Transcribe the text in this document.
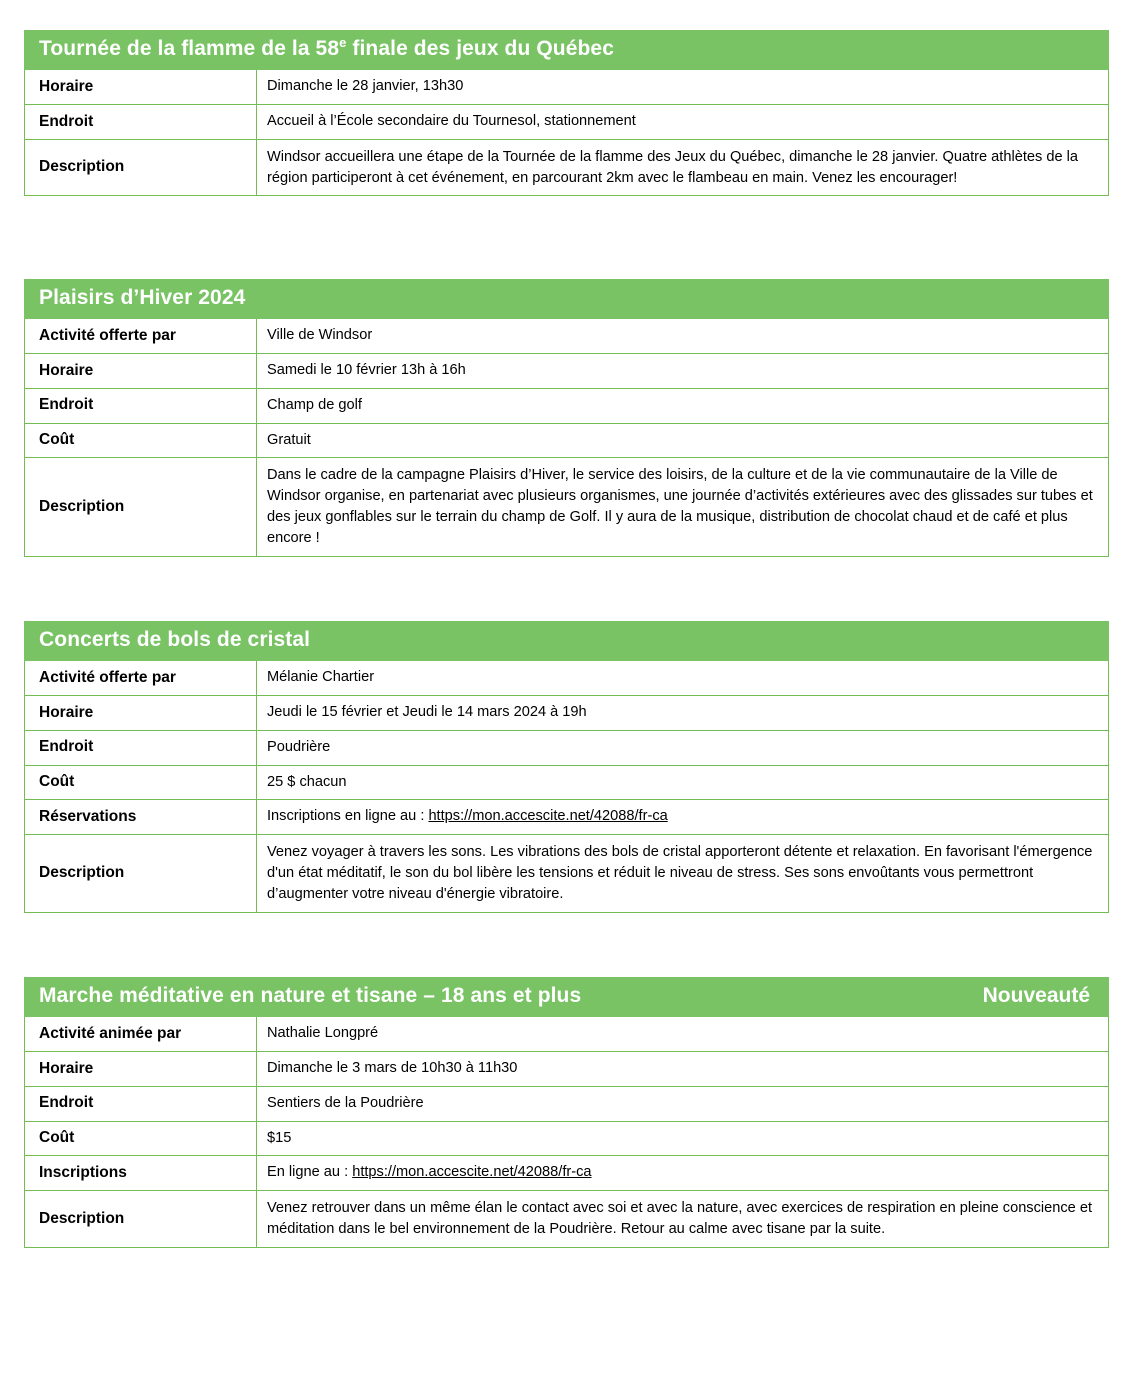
Tournée de la flamme de la 58e finale des jeux du Québec	

Horaire	Dimanche le 28 janvier, 13h30
Endroit	Accueil à l’École secondaire du Tournesol, stationnement
Description	Windsor accueillera une étape de la Tournée de la flamme des Jeux du Québec, dimanche le 28 janvier. Quatre athlètes de la région participeront à cet événement, en parcourant 2km avec le flambeau en main. Venez les encourager!
Plaisirs d’Hiver 2024	

Activité offerte par	Ville de Windsor
Horaire	Samedi le 10 février 13h à 16h
Endroit	Champ de golf
Coût	Gratuit
Description	Dans le cadre de la campagne Plaisirs d’Hiver, le service des loisirs, de la culture et de la vie communautaire de la Ville de Windsor organise, en partenariat avec plusieurs organismes, une journée d’activités extérieures avec des glissades sur tubes et des jeux gonflables sur le terrain du champ de Golf. Il y aura de la musique, distribution de chocolat chaud et de café et plus encore !
Concerts de bols de cristal	

Activité offerte par	Mélanie Chartier
Horaire	Jeudi le 15 février et Jeudi le 14 mars 2024 à 19h
Endroit	Poudrière
Coût	25 $ chacun
Réservations	Inscriptions en ligne au : https://mon.accescite.net/42088/fr-ca
Description	Venez voyager à travers les sons. Les vibrations des bols de cristal apporteront détente et relaxation. En favorisant l'émergence d'un état méditatif, le son du bol libère les tensions et réduit le niveau de stress. Ses sons envoûtants vous permettront d’augmenter votre niveau d'énergie vibratoire.
Marche méditative en nature et tisane – 18 ans et plus Nouveauté	

Activité animée par	Nathalie Longpré
Horaire	Dimanche le 3 mars de 10h30 à 11h30
Endroit	Sentiers de la Poudrière
Coût	$15
Inscriptions	En ligne au : https://mon.accescite.net/42088/fr-ca
Description	Venez retrouver dans un même élan le contact avec soi et avec la nature, avec exercices de respiration en pleine conscience et méditation dans le bel environnement de la Poudrière. Retour au calme avec tisane par la suite.
